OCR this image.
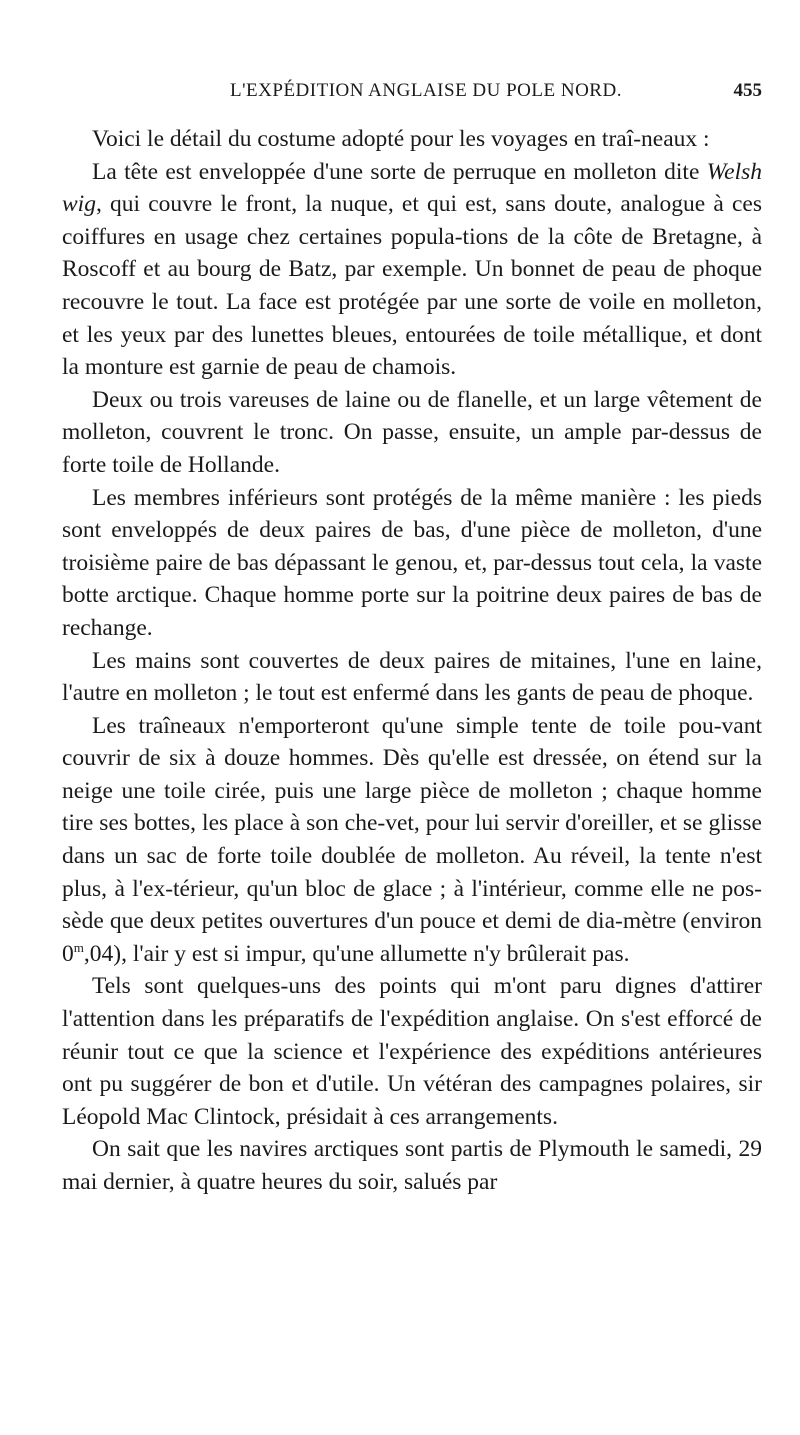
L'EXPÉDITION ANGLAISE DU POLE NORD.	455

Voici le détail du costume adopté pour les voyages en traî-neaux :

La tête est enveloppée d'une sorte de perruque en molleton dite Welsh wig, qui couvre le front, la nuque, et qui est, sans doute, analogue à ces coiffures en usage chez certaines popula-tions de la côte de Bretagne, à Roscoff et au bourg de Batz, par exemple. Un bonnet de peau de phoque recouvre le tout. La face est protégée par une sorte de voile en molleton, et les yeux par des lunettes bleues, entourées de toile métallique, et dont la monture est garnie de peau de chamois.

Deux ou trois vareuses de laine ou de flanelle, et un large vêtement de molleton, couvrent le tronc. On passe, ensuite, un ample par-dessus de forte toile de Hollande.

Les membres inférieurs sont protégés de la même manière : les pieds sont enveloppés de deux paires de bas, d'une pièce de molleton, d'une troisième paire de bas dépassant le genou, et, par-dessus tout cela, la vaste botte arctique. Chaque homme porte sur la poitrine deux paires de bas de rechange.

Les mains sont couvertes de deux paires de mitaines, l'une en laine, l'autre en molleton ; le tout est enfermé dans les gants de peau de phoque.

Les traîneaux n'emporteront qu'une simple tente de toile pou-vant couvrir de six à douze hommes. Dès qu'elle est dressée, on étend sur la neige une toile cirée, puis une large pièce de molleton ; chaque homme tire ses bottes, les place à son che-vet, pour lui servir d'oreiller, et se glisse dans un sac de forte toile doublée de molleton. Au réveil, la tente n'est plus, à l'ex-térieur, qu'un bloc de glace ; à l'intérieur, comme elle ne pos-sède que deux petites ouvertures d'un pouce et demi de dia-mètre (environ 0$^m$,04), l'air y est si impur, qu'une allumette n'y brûlerait pas.

Tels sont quelques-uns des points qui m'ont paru dignes d'attirer l'attention dans les préparatifs de l'expédition anglaise. On s'est efforcé de réunir tout ce que la science et l'expérience des expéditions antérieures ont pu suggérer de bon et d'utile. Un vétéran des campagnes polaires, sir Léopold Mac Clintock, présidait à ces arrangements.

On sait que les navires arctiques sont partis de Plymouth le samedi, 29 mai dernier, à quatre heures du soir, salués par
